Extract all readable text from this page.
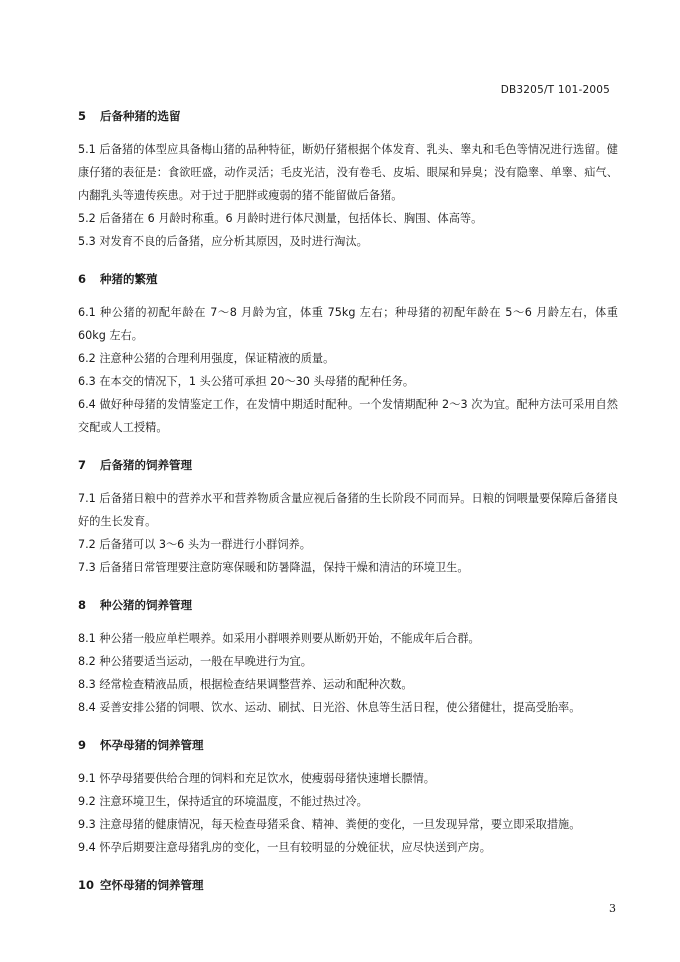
DB3205/T 101-2005
5 后备种猪的选留

5.1 后备猪的体型应具备梅山猪的品种特征，断奶仔猪根据个体发育、乳头、睾丸和毛色等情况进行选留。健康仔猪的表征是：食欲旺盛，动作灵活；毛皮光洁，没有卷毛、皮垢、眼屎和异臭；没有隐睾、单睾、疝气、内翻乳头等遗传疾患。对于过于肥胖或瘦弱的猪不能留做后备猪。

5.2 后备猪在 6 月龄时称重。6 月龄时进行体尺测量，包括体长、胸围、体高等。

5.3 对发育不良的后备猪，应分析其原因，及时进行淘汰。

6 种猪的繁殖

6.1 种公猪的初配年龄在 7～8 月龄为宜，体重 75kg 左右；种母猪的初配年龄在 5～6 月龄左右，体重 60kg 左右。

6.2 注意种公猪的合理利用强度，保证精液的质量。

6.3 在本交的情况下，1 头公猪可承担 20～30 头母猪的配种任务。

6.4 做好种母猪的发情鉴定工作，在发情中期适时配种。一个发情期配种 2～3 次为宜。配种方法可采用自然交配或人工授精。

7 后备猪的饲养管理

7.1 后备猪日粮中的营养水平和营养物质含量应视后备猪的生长阶段不同而异。日粮的饲喂量要保障后备猪良好的生长发育。

7.2 后备猪可以 3～6 头为一群进行小群饲养。

7.3 后备猪日常管理要注意防寒保暖和防暑降温，保持干燥和清洁的环境卫生。

8 种公猪的饲养管理

8.1 种公猪一般应单栏喂养。如采用小群喂养则要从断奶开始，不能成年后合群。

8.2 种公猪要适当运动，一般在早晚进行为宜。

8.3 经常检查精液品质，根据检查结果调整营养、运动和配种次数。

8.4 妥善安排公猪的饲喂、饮水、运动、刷拭、日光浴、休息等生活日程，使公猪健壮，提高受胎率。

9 怀孕母猪的饲养管理

9.1 怀孕母猪要供给合理的饲料和充足饮水，使瘦弱母猪快速增长膘情。

9.2 注意环境卫生，保持适宜的环境温度，不能过热过冷。

9.3 注意母猪的健康情况，每天检查母猪采食、精神、粪便的变化，一旦发现异常，要立即采取措施。

9.4 怀孕后期要注意母猪乳房的变化，一旦有较明显的分娩征状，应尽快送到产房。

10 空怀母猪的饲养管理
3
